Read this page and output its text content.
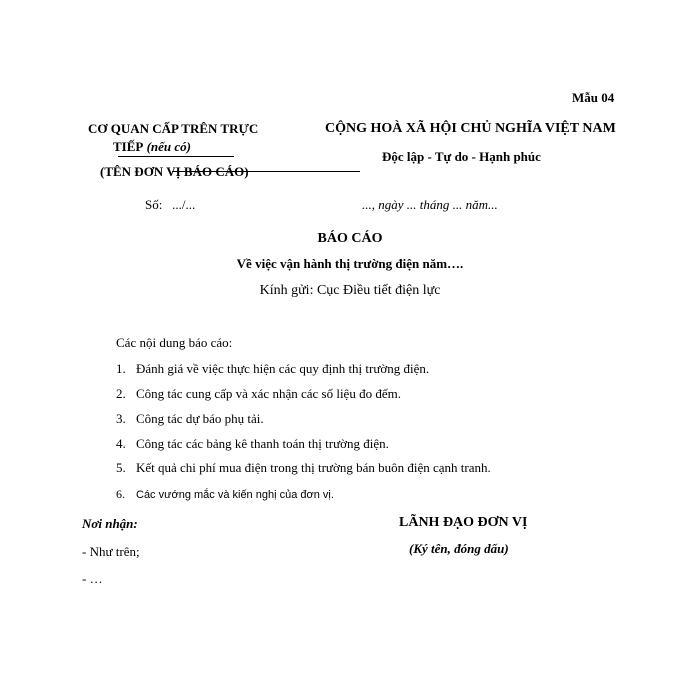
Mẫu 04
CƠ QUAN CẤP TRÊN TRỰC
TIẾP (nếu có)
(TÊN ĐƠN VỊ BÁO CÁO)
CỘNG HOÀ XÃ HỘI CHỦ NGHĨA VIỆT NAM
Độc lập - Tự do - Hạnh phúc
Số: .../...	..., ngày ... tháng ... năm...
BÁO CÁO
Về việc vận hành thị trường điện năm….
Kính gửi: Cục Điều tiết điện lực
Các nội dung báo cáo:
1. Đánh giá về việc thực hiện các quy định thị trường điện.
2. Công tác cung cấp và xác nhận các số liệu đo đếm.
3. Công tác dự báo phụ tải.
4. Công tác các bảng kê thanh toán thị trường điện.
5. Kết quả chi phí mua điện trong thị trường bán buôn điện cạnh tranh.
6. Các vướng mắc và kiến nghị của đơn vị.
Nơi nhận:
- Như trên;
- …
LÃNH ĐẠO ĐƠN VỊ
(Ký tên, đóng dấu)
